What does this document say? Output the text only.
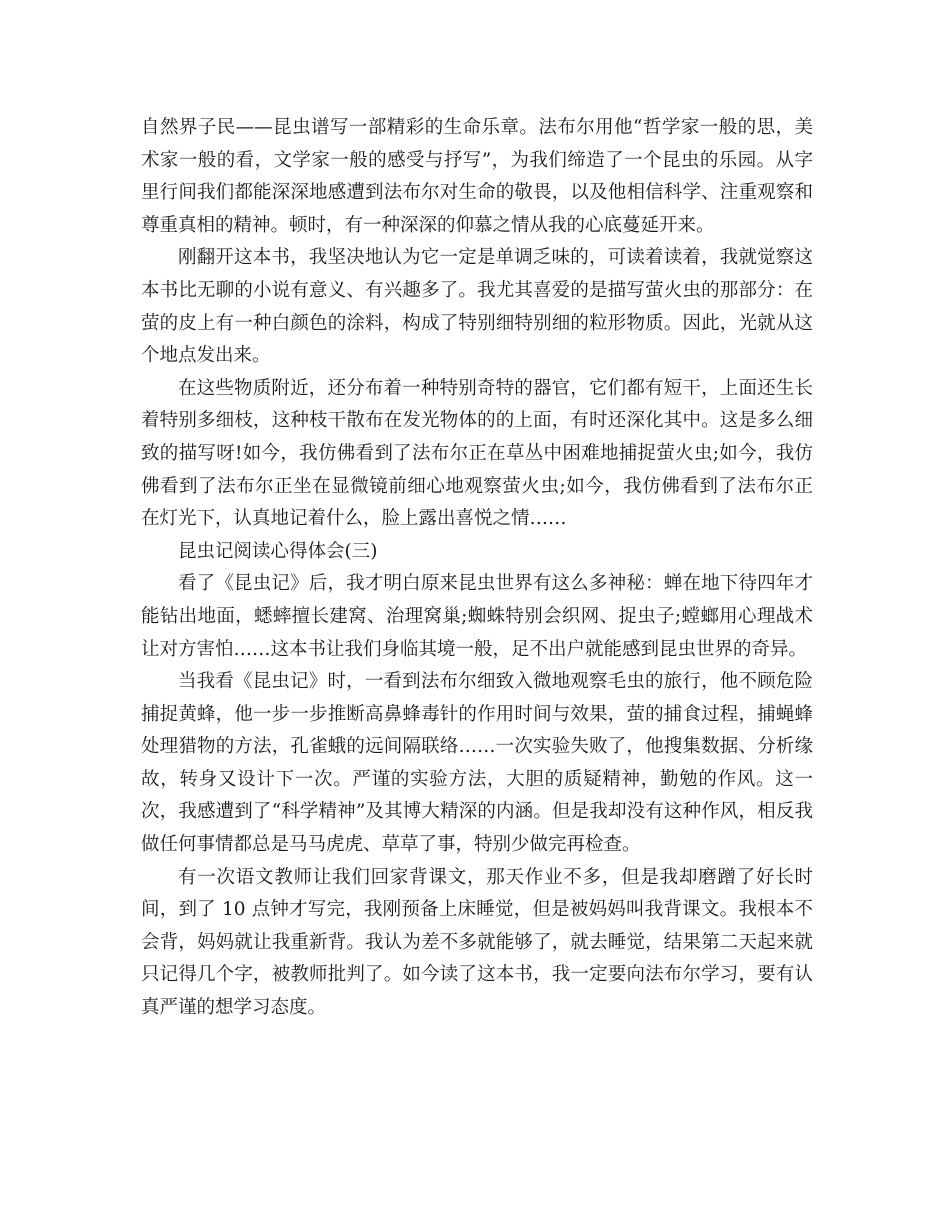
自然界子民——昆虫谱写一部精彩的生命乐章。法布尔用他“哲学家一般的思，美术家一般的看，文学家一般的感受与抒写”，为我们缔造了一个昆虫的乐园。从字里行间我们都能深深地感遭到法布尔对生命的敬畏，以及他相信科学、注重观察和尊重真相的精神。顿时，有一种深深的仰慕之情从我的心底蔓延开来。

刚翻开这本书，我坚决地认为它一定是单调乏味的，可读着读着，我就觉察这本书比无聊的小说有意义、有兴趣多了。我尤其喜爱的是描写萤火虫的那部分：在萤的皮上有一种白颜色的涂料，构成了特别细特别细的粒形物质。因此，光就从这个地点发出来。

在这些物质附近，还分布着一种特别奇特的器官，它们都有短干，上面还生长着特别多细枝，这种枝干散布在发光物体的的上面，有时还深化其中。这是多么细致的描写呀!如今，我仿佛看到了法布尔正在草丛中困难地捕捉萤火虫;如今，我仿佛看到了法布尔正坐在显微镜前细心地观察萤火虫;如今，我仿佛看到了法布尔正在灯光下，认真地记着什么，脸上露出喜悦之情……

昆虫记阅读心得体会(三)

看了《昆虫记》后，我才明白原来昆虫世界有这么多神秘：蝉在地下待四年才能钻出地面，蟋蟀擅长建窝、治理窝巢;蜘蛛特别会织网、捉虫子;螳螂用心理战术让对方害怕……这本书让我们身临其境一般，足不出户就能感到昆虫世界的奇异。

当我看《昆虫记》时，一看到法布尔细致入微地观察毛虫的旅行，他不顾危险捕捉黄蜂，他一步一步推断高鼻蜂毒针的作用时间与效果，萤的捕食过程，捕蝇蜂处理猎物的方法，孔雀蛾的远间隔联络……一次实验失败了，他搜集数据、分析缘故，转身又设计下一次。严谨的实验方法，大胆的质疑精神，勤勉的作风。这一次，我感遭到了“科学精神”及其博大精深的内涵。但是我却没有这种作风，相反我做任何事情都总是马马虎虎、草草了事，特别少做完再检查。

有一次语文教师让我们回家背课文，那天作业不多，但是我却磨蹭了好长时间，到了 10 点钟才写完，我刚预备上床睡觉，但是被妈妈叫我背课文。我根本不会背，妈妈就让我重新背。我认为差不多就能够了，就去睡觉，结果第二天起来就只记得几个字，被教师批判了。如今读了这本书，我一定要向法布尔学习，要有认真严谨的想学习态度。
